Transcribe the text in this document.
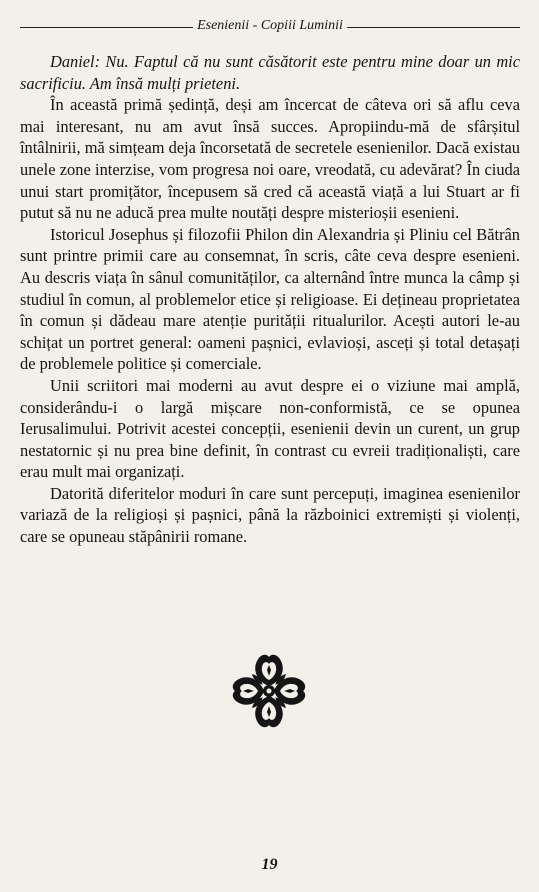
Esenienii - Copiii Luminii

Daniel: Nu. Faptul că nu sunt căsătorit este pentru mine doar un mic sacrificiu. Am însă mulți prieteni.

În această primă ședință, deși am încercat de câteva ori să aflu ceva mai interesant, nu am avut însă succes. Apropiindu-mă de sfârșitul întâlnirii, mă simțeam deja încorsetată de secretele esenienilor. Dacă existau unele zone interzise, vom progresa noi oare, vreodată, cu adevărat? În ciuda unui start promițător, începusem să cred că această viață a lui Stuart ar fi putut să nu ne aducă prea multe noutăți despre misterioșii esenieni.

Istoricul Josephus și filozofii Philon din Alexandria și Pliniu cel Bătrân sunt printre primii care au consemnat, în scris, câte ceva despre esenieni. Au descris viața în sânul comunităților, ca alternând între munca la câmp și studiul în comun, al problemelor etice și religioase. Ei dețineau proprietatea în comun și dădeau mare atenție purității ritualurilor. Acești autori le-au schițat un portret general: oameni pașnici, evlavioși, asceți și total detașați de problemele politice și comerciale.

Unii scriitori mai moderni au avut despre ei o viziune mai amplă, considerându-i o largă mișcare non-conformistă, ce se opunea Ierusalimului. Potrivit acestei concepții, esenienii devin un curent, un grup nestatornic și nu prea bine definit, în contrast cu evreii tradiționaliști, care erau mult mai organizați.

Datorită diferitelor moduri în care sunt percepuți, imaginea esenienilor variază de la religioși și pașnici, până la războinici extremiști și violenți, care se opuneau stăpânirii romane.

19
